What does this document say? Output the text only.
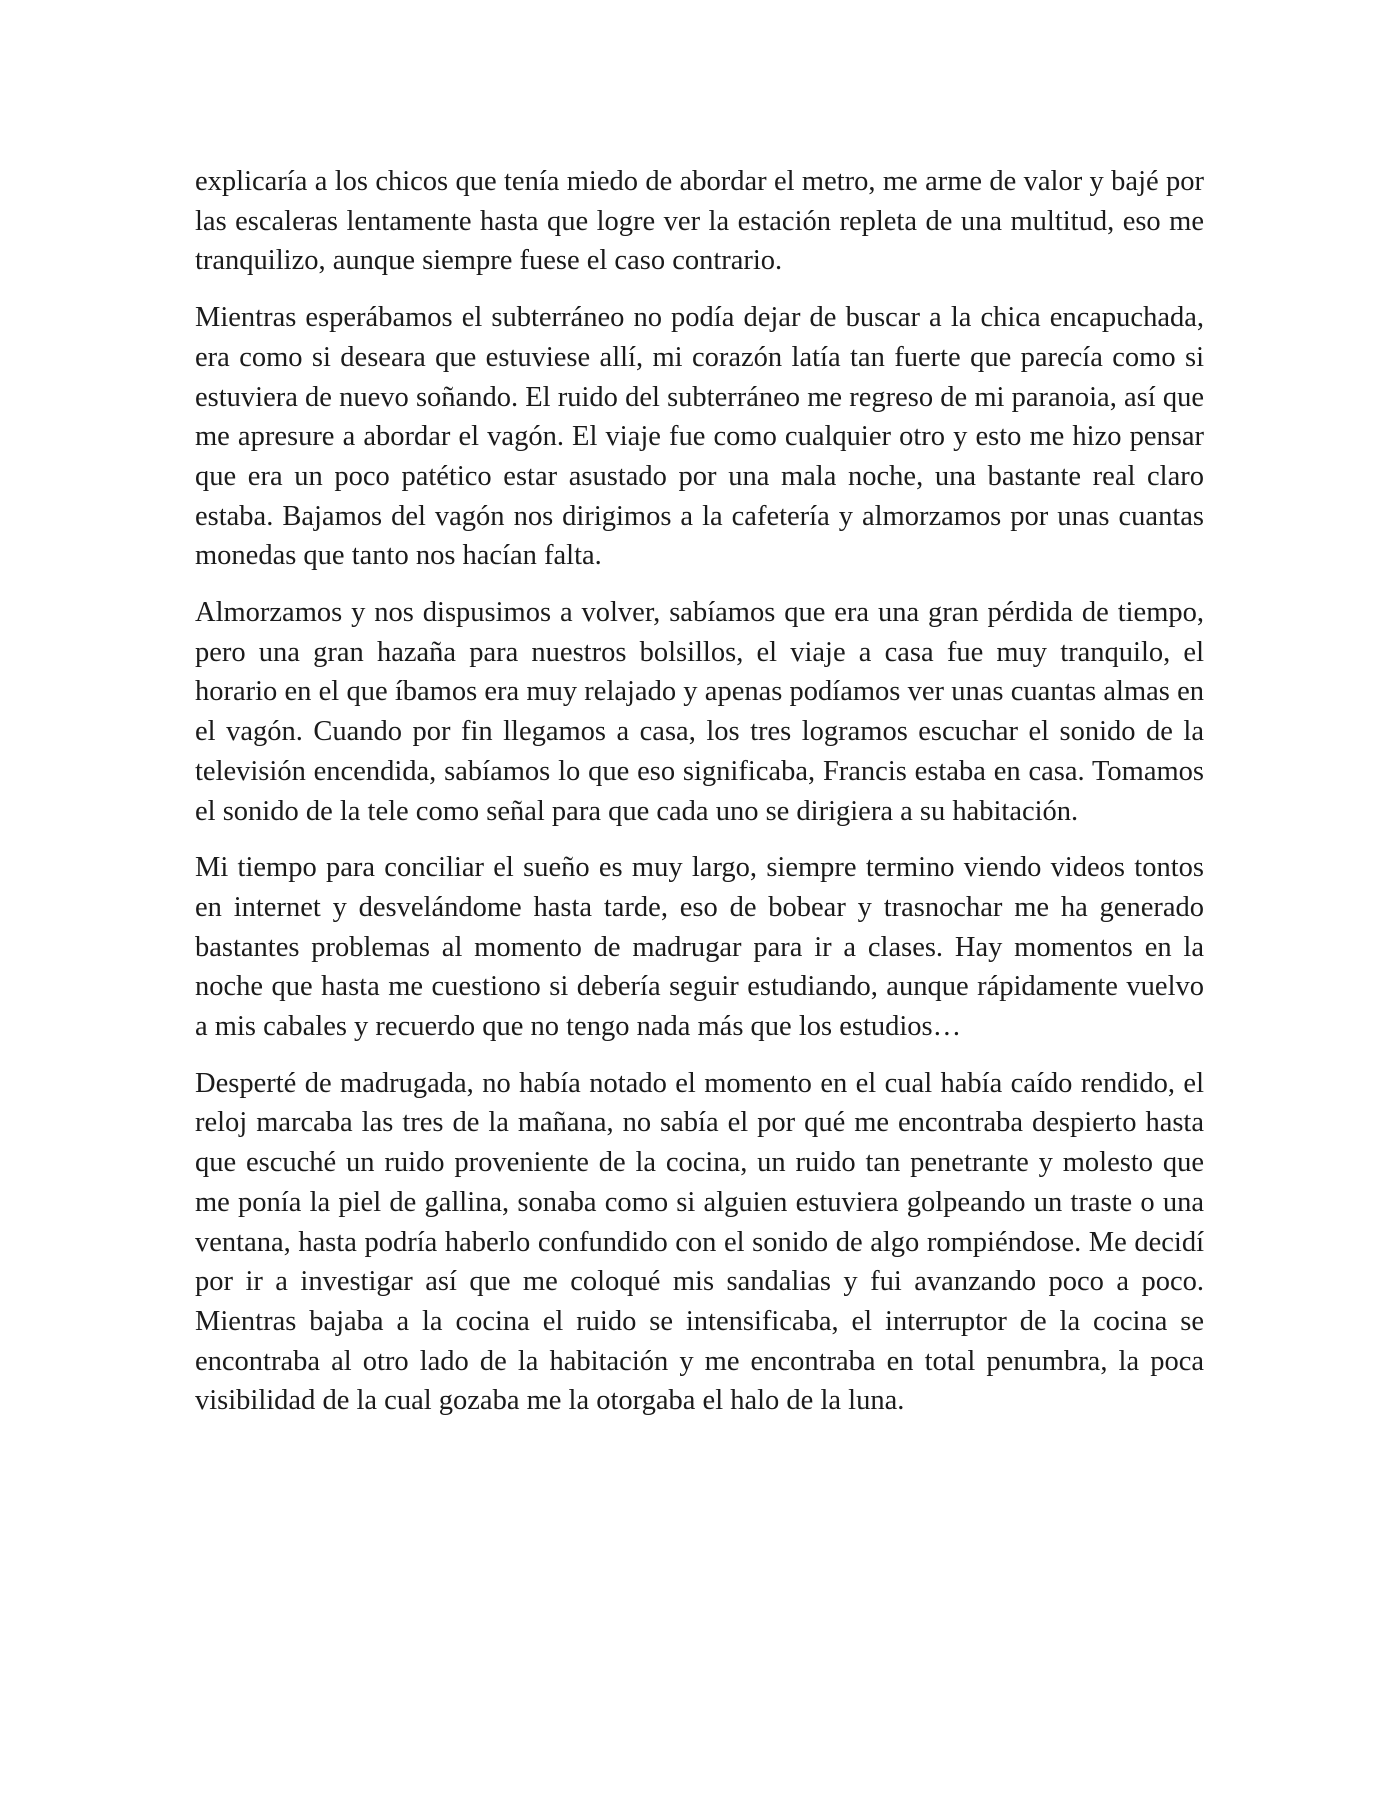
explicaría a los chicos que tenía miedo de abordar el metro, me arme de valor y bajé por las escaleras lentamente hasta que logre ver la estación repleta de una multitud, eso me tranquilizo, aunque siempre fuese el caso contrario.

Mientras esperábamos el subterráneo no podía dejar de buscar a la chica encapuchada, era como si deseara que estuviese allí, mi corazón latía tan fuerte que parecía como si estuviera de nuevo soñando. El ruido del subterráneo me regreso de mi paranoia, así que me apresure a abordar el vagón. El viaje fue como cualquier otro y esto me hizo pensar que era un poco patético estar asustado por una mala noche, una bastante real claro estaba. Bajamos del vagón nos dirigimos a la cafetería y almorzamos por unas cuantas monedas que tanto nos hacían falta.

Almorzamos y nos dispusimos a volver, sabíamos que era una gran pérdida de tiempo, pero una gran hazaña para nuestros bolsillos, el viaje a casa fue muy tranquilo, el horario en el que íbamos era muy relajado y apenas podíamos ver unas cuantas almas en el vagón. Cuando por fin llegamos a casa, los tres logramos escuchar el sonido de la televisión encendida, sabíamos lo que eso significaba, Francis estaba en casa. Tomamos el sonido de la tele como señal para que cada uno se dirigiera a su habitación.

Mi tiempo para conciliar el sueño es muy largo, siempre termino viendo videos tontos en internet y desvelándome hasta tarde, eso de bobear y trasnochar me ha generado bastantes problemas al momento de madrugar para ir a clases. Hay momentos en la noche que hasta me cuestiono si debería seguir estudiando, aunque rápidamente vuelvo a mis cabales y recuerdo que no tengo nada más que los estudios…

Desperté de madrugada, no había notado el momento en el cual había caído rendido, el reloj marcaba las tres de la mañana, no sabía el por qué me encontraba despierto hasta que escuché un ruido proveniente de la cocina, un ruido tan penetrante y molesto que me ponía la piel de gallina, sonaba como si alguien estuviera golpeando un traste o una ventana, hasta podría haberlo confundido con el sonido de algo rompiéndose. Me decidí por ir a investigar así que me coloqué mis sandalias y fui avanzando poco a poco. Mientras bajaba a la cocina el ruido se intensificaba, el interruptor de la cocina se encontraba al otro lado de la habitación y me encontraba en total penumbra, la poca visibilidad de la cual gozaba me la otorgaba el halo de la luna.
